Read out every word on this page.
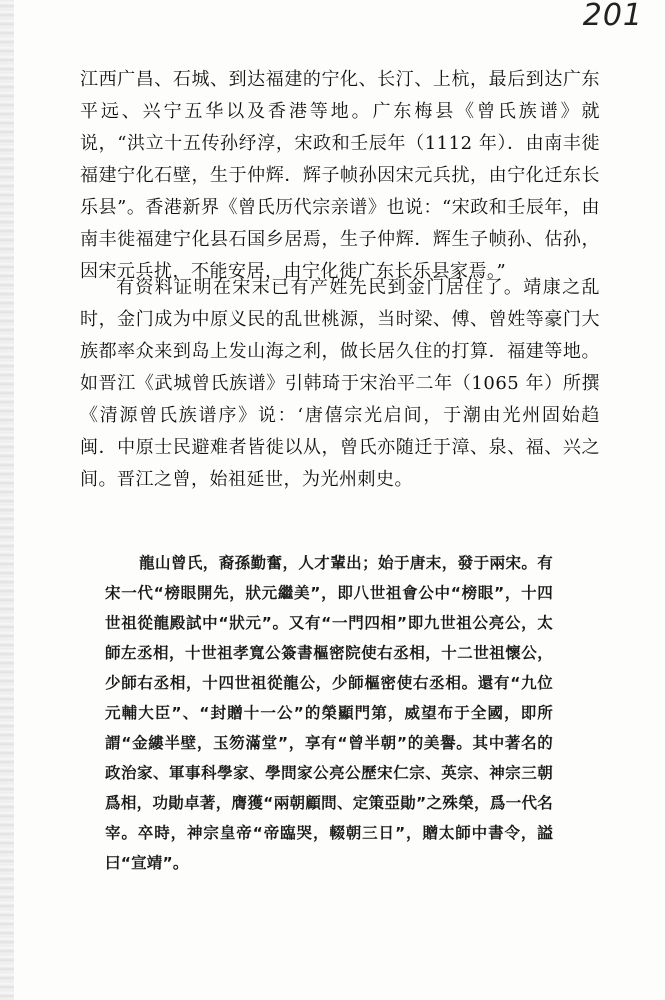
201

江西广昌、石城、到达福建的宁化、长汀、上杭，最后到达广东平远、兴宁五华以及香港等地。广东梅县《曾氏族谱》就说，“洪立十五传孙纾淳，宋政和壬辰年（1112 年）．由南丰徙福建宁化石壁，生于仲辉．辉子帧孙因宋元兵扰，由宁化迁东长乐县”。香港新界《曾氏历代宗亲谱》也说：“宋政和壬辰年，由南丰徙福建宁化县石国乡居焉，生子仲辉．辉生子帧孙、估孙，因宋元兵扰，不能安居，由宁化徙广东长乐县家焉。”

有资料证明在宋末已有产姓先民到金门居住了。靖康之乱时，金门成为中原义民的乱世桃源，当时梁、傅、曾姓等豪门大族都率众来到岛上发山海之利，做长居久住的打算．福建等地。如晋江《武城曾氏族谱》引韩琦于宋治平二年（1065 年）所撰《清源曾氏族谱序》说：‘唐僖宗光启间，于潮由光州固始趋闽．中原士民避难者皆徙以从，曾氏亦随迁于漳、泉、福、兴之间。晋江之曾，始祖延世，为光州刺史。

龍山曾氏，裔孫勤奮，人才輩出；始于唐末，發于兩宋。有宋一代“榜眼開先，狀元繼美”，即八世祖會公中“榜眼”，十四世祖從龍殿試中“狀元”。又有“一門四相”即九世祖公亮公，太師左丞相，十世祖孝寬公簽書樞密院使右丞相，十二世祖懷公，少師右丞相，十四世祖從龍公，少師樞密使右丞相。還有“九位元輔大臣”、“封贈十一公”的榮顯門第，威望布于全國，即所謂“金縷半壁，玉笏滿堂”，享有“曾半朝”的美譽。其中著名的政治家、軍事科學家、學問家公亮公歷宋仁宗、英宗、神宗三朝爲相，功勛卓著，膺獲“兩朝顧問、定策亞勛”之殊榮，爲一代名宰。卒時，神宗皇帝“帝臨哭，輟朝三日”，贈太師中書令，謚曰“宣靖”。
